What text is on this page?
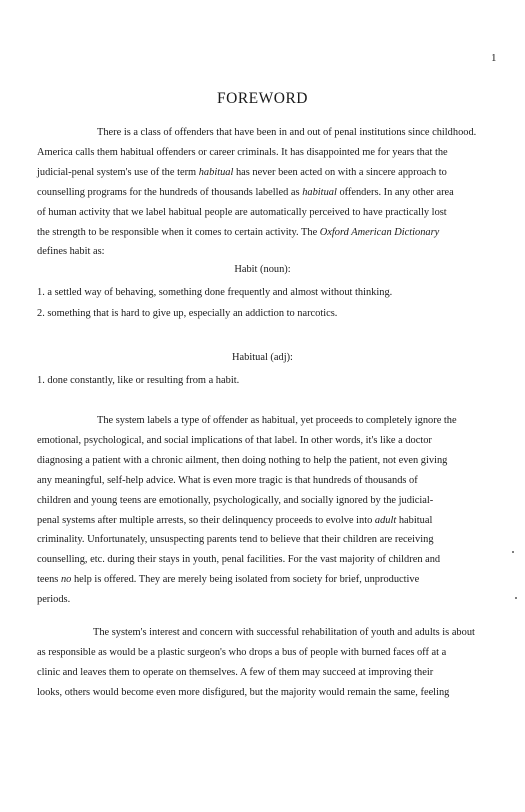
1
FOREWORD

There is a class of offenders that have been in and out of penal institutions since childhood.
America calls them habitual offenders or career criminals. It has disappointed me for years that the
judicial-penal system's use of the term habitual has never been acted on with a sincere approach to
counselling programs for the hundreds of thousands labelled as habitual offenders. In any other area
of human activity that we label habitual people are automatically perceived to have practically lost
the strength to be responsible when it comes to certain activity. The Oxford American Dictionary
defines habit as:

Habit (noun):
1. a settled way of behaving, something done frequently and almost without thinking.
2. something that is hard to give up, especially an addiction to narcotics.
Habitual (adj):
1. done constantly, like or resulting from a habit.

The system labels a type of offender as habitual, yet proceeds to completely ignore the
emotional, psychological, and social implications of that label. In other words, it's like a doctor
diagnosing a patient with a chronic ailment, then doing nothing to help the patient, not even giving
any meaningful, self-help advice. What is even more tragic is that hundreds of thousands of
children and young teens are emotionally, psychologically, and socially ignored by the judicial-
penal systems after multiple arrests, so their delinquency proceeds to evolve into adult habitual
criminality. Unfortunately, unsuspecting parents tend to believe that their children are receiving
counselling, etc. during their stays in youth, penal facilities. For the vast majority of children and
teens no help is offered. They are merely being isolated from society for brief, unproductive
periods.

The system's interest and concern with successful rehabilitation of youth and adults is about
as responsible as would be a plastic surgeon's who drops a bus of people with burned faces off at a
clinic and leaves them to operate on themselves. A few of them may succeed at improving their
looks, others would become even more disfigured, but the majority would remain the same, feeling
